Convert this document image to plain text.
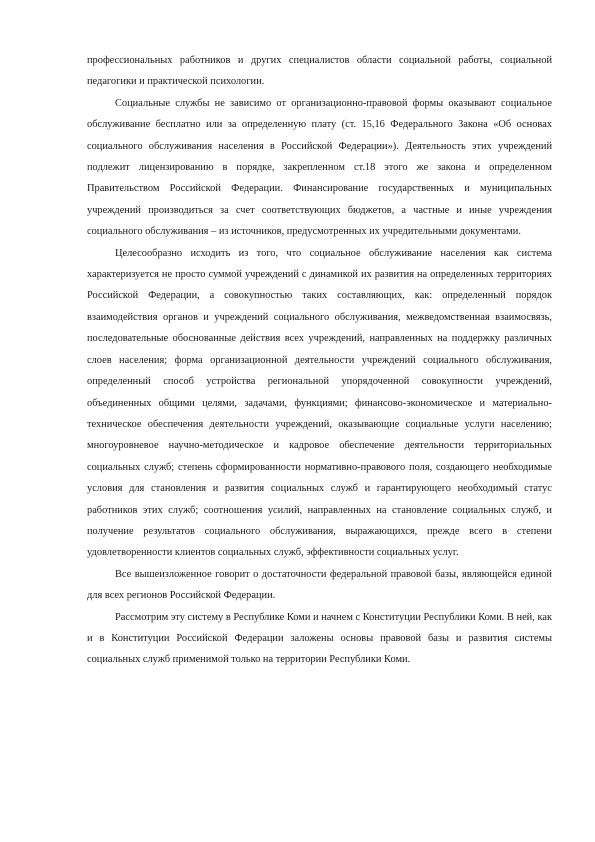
профессиональных работников и других специалистов области социальной работы, социальной педагогики и практической психологии.

Социальные службы не зависимо от организационно-правовой формы оказывают социальное обслуживание бесплатно или за определенную плату (ст. 15,16 Федерального Закона «Об основах социального обслуживания населения в Российской Федерации»). Деятельность этих учреждений подлежит лицензированию в порядке, закрепленном ст.18 этого же закона и определенном Правительством Российской Федерации. Финансирование государственных и муниципальных учреждений производиться за счет соответствующих бюджетов, а частные и иные учреждения социального обслуживания – из источников, предусмотренных их учредительными документами.

Целесообразно исходить из того, что социальное обслуживание населения как система характеризуется не просто суммой учреждений с динамикой их развития на определенных территориях Российской Федерации, а совокупностью таких составляющих, как: определенный порядок взаимодействия органов и учреждений социального обслуживания, межведомственная взаимосвязь, последовательные обоснованные действия всех учреждений, направленных на поддержку различных слоев населения; форма организационной деятельности учреждений социального обслуживания, определенный способ устройства региональной упорядоченной совокупности учреждений, объединенных общими целями, задачами, функциями; финансово-экономическое и материально-техническое обеспечения деятельности учреждений, оказывающие социальные услуги населению; многоуровневое научно-методическое и кадровое обеспечение деятельности территориальных социальных служб; степень сформированности нормативно-правового поля, создающего необходимые условия для становления и развития социальных служб и гарантирующего необходимый статус работников этих служб; соотношения усилий, направленных на становление социальных служб, и получение результатов социального обслуживания, выражающихся, прежде всего в степени удовлетворенности клиентов социальных служб, эффективности социальных услуг.

Все вышеизложенное говорит о достаточности федеральной правовой базы, являющейся единой для всех регионов Российской Федерации.

Рассмотрим эту систему в Республике Коми и начнем с Конституции Республики Коми. В ней, как и в Конституции Российской Федерации заложены основы правовой базы и развития системы социальных служб применимой только на территории Республики Коми.
